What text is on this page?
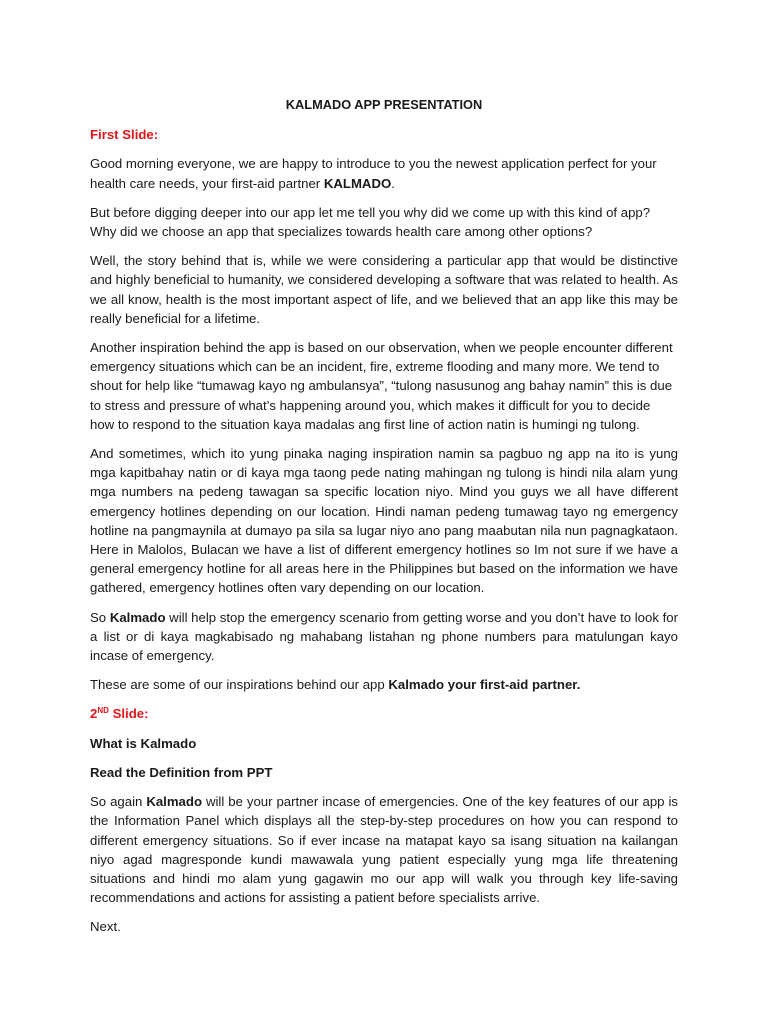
KALMADO APP PRESENTATION

First Slide:

Good morning everyone, we are happy to introduce to you the newest application perfect for your health care needs, your first-aid partner KALMADO.

But before digging deeper into our app let me tell you why did we come up with this kind of app? Why did we choose an app that specializes towards health care among other options?

Well, the story behind that is, while we were considering a particular app that would be distinctive and highly beneficial to humanity, we considered developing a software that was related to health. As we all know, health is the most important aspect of life, and we believed that an app like this may be really beneficial for a lifetime.

Another inspiration behind the app is based on our observation, when we people encounter different emergency situations which can be an incident, fire, extreme flooding and many more. We tend to shout for help like “tumawag kayo ng ambulansya”, “tulong nasusunog ang bahay namin” this is due to stress and pressure of what’s happening around you, which makes it difficult for you to decide how to respond to the situation kaya madalas ang first line of action natin is humingi ng tulong.

And sometimes, which ito yung pinaka naging inspiration namin sa pagbuo ng app na ito is yung mga kapitbahay natin or di kaya mga taong pede nating mahingan ng tulong is hindi nila alam yung mga numbers na pedeng tawagan sa specific location niyo. Mind you guys we all have different emergency hotlines depending on our location. Hindi naman pedeng tumawag tayo ng emergency hotline na pangmaynila at dumayo pa sila sa lugar niyo ano pang maabutan nila nun pagnagkataon. Here in Malolos, Bulacan we have a list of different emergency hotlines so Im not sure if we have a general emergency hotline for all areas here in the Philippines but based on the information we have gathered, emergency hotlines often vary depending on our location.

So Kalmado will help stop the emergency scenario from getting worse and you don’t have to look for a list or di kaya magkabisado ng mahabang listahan ng phone numbers para matulungan kayo incase of emergency.

These are some of our inspirations behind our app Kalmado your first-aid partner.

2ND Slide:

What is Kalmado

Read the Definition from PPT

So again Kalmado will be your partner incase of emergencies. One of the key features of our app is the Information Panel which displays all the step-by-step procedures on how you can respond to different emergency situations. So if ever incase na matapat kayo sa isang situation na kailangan niyo agad magresponde kundi mawawala yung patient especially yung mga life threatening situations and hindi mo alam yung gagawin mo our app will walk you through key life-saving recommendations and actions for assisting a patient before specialists arrive.

Next.
